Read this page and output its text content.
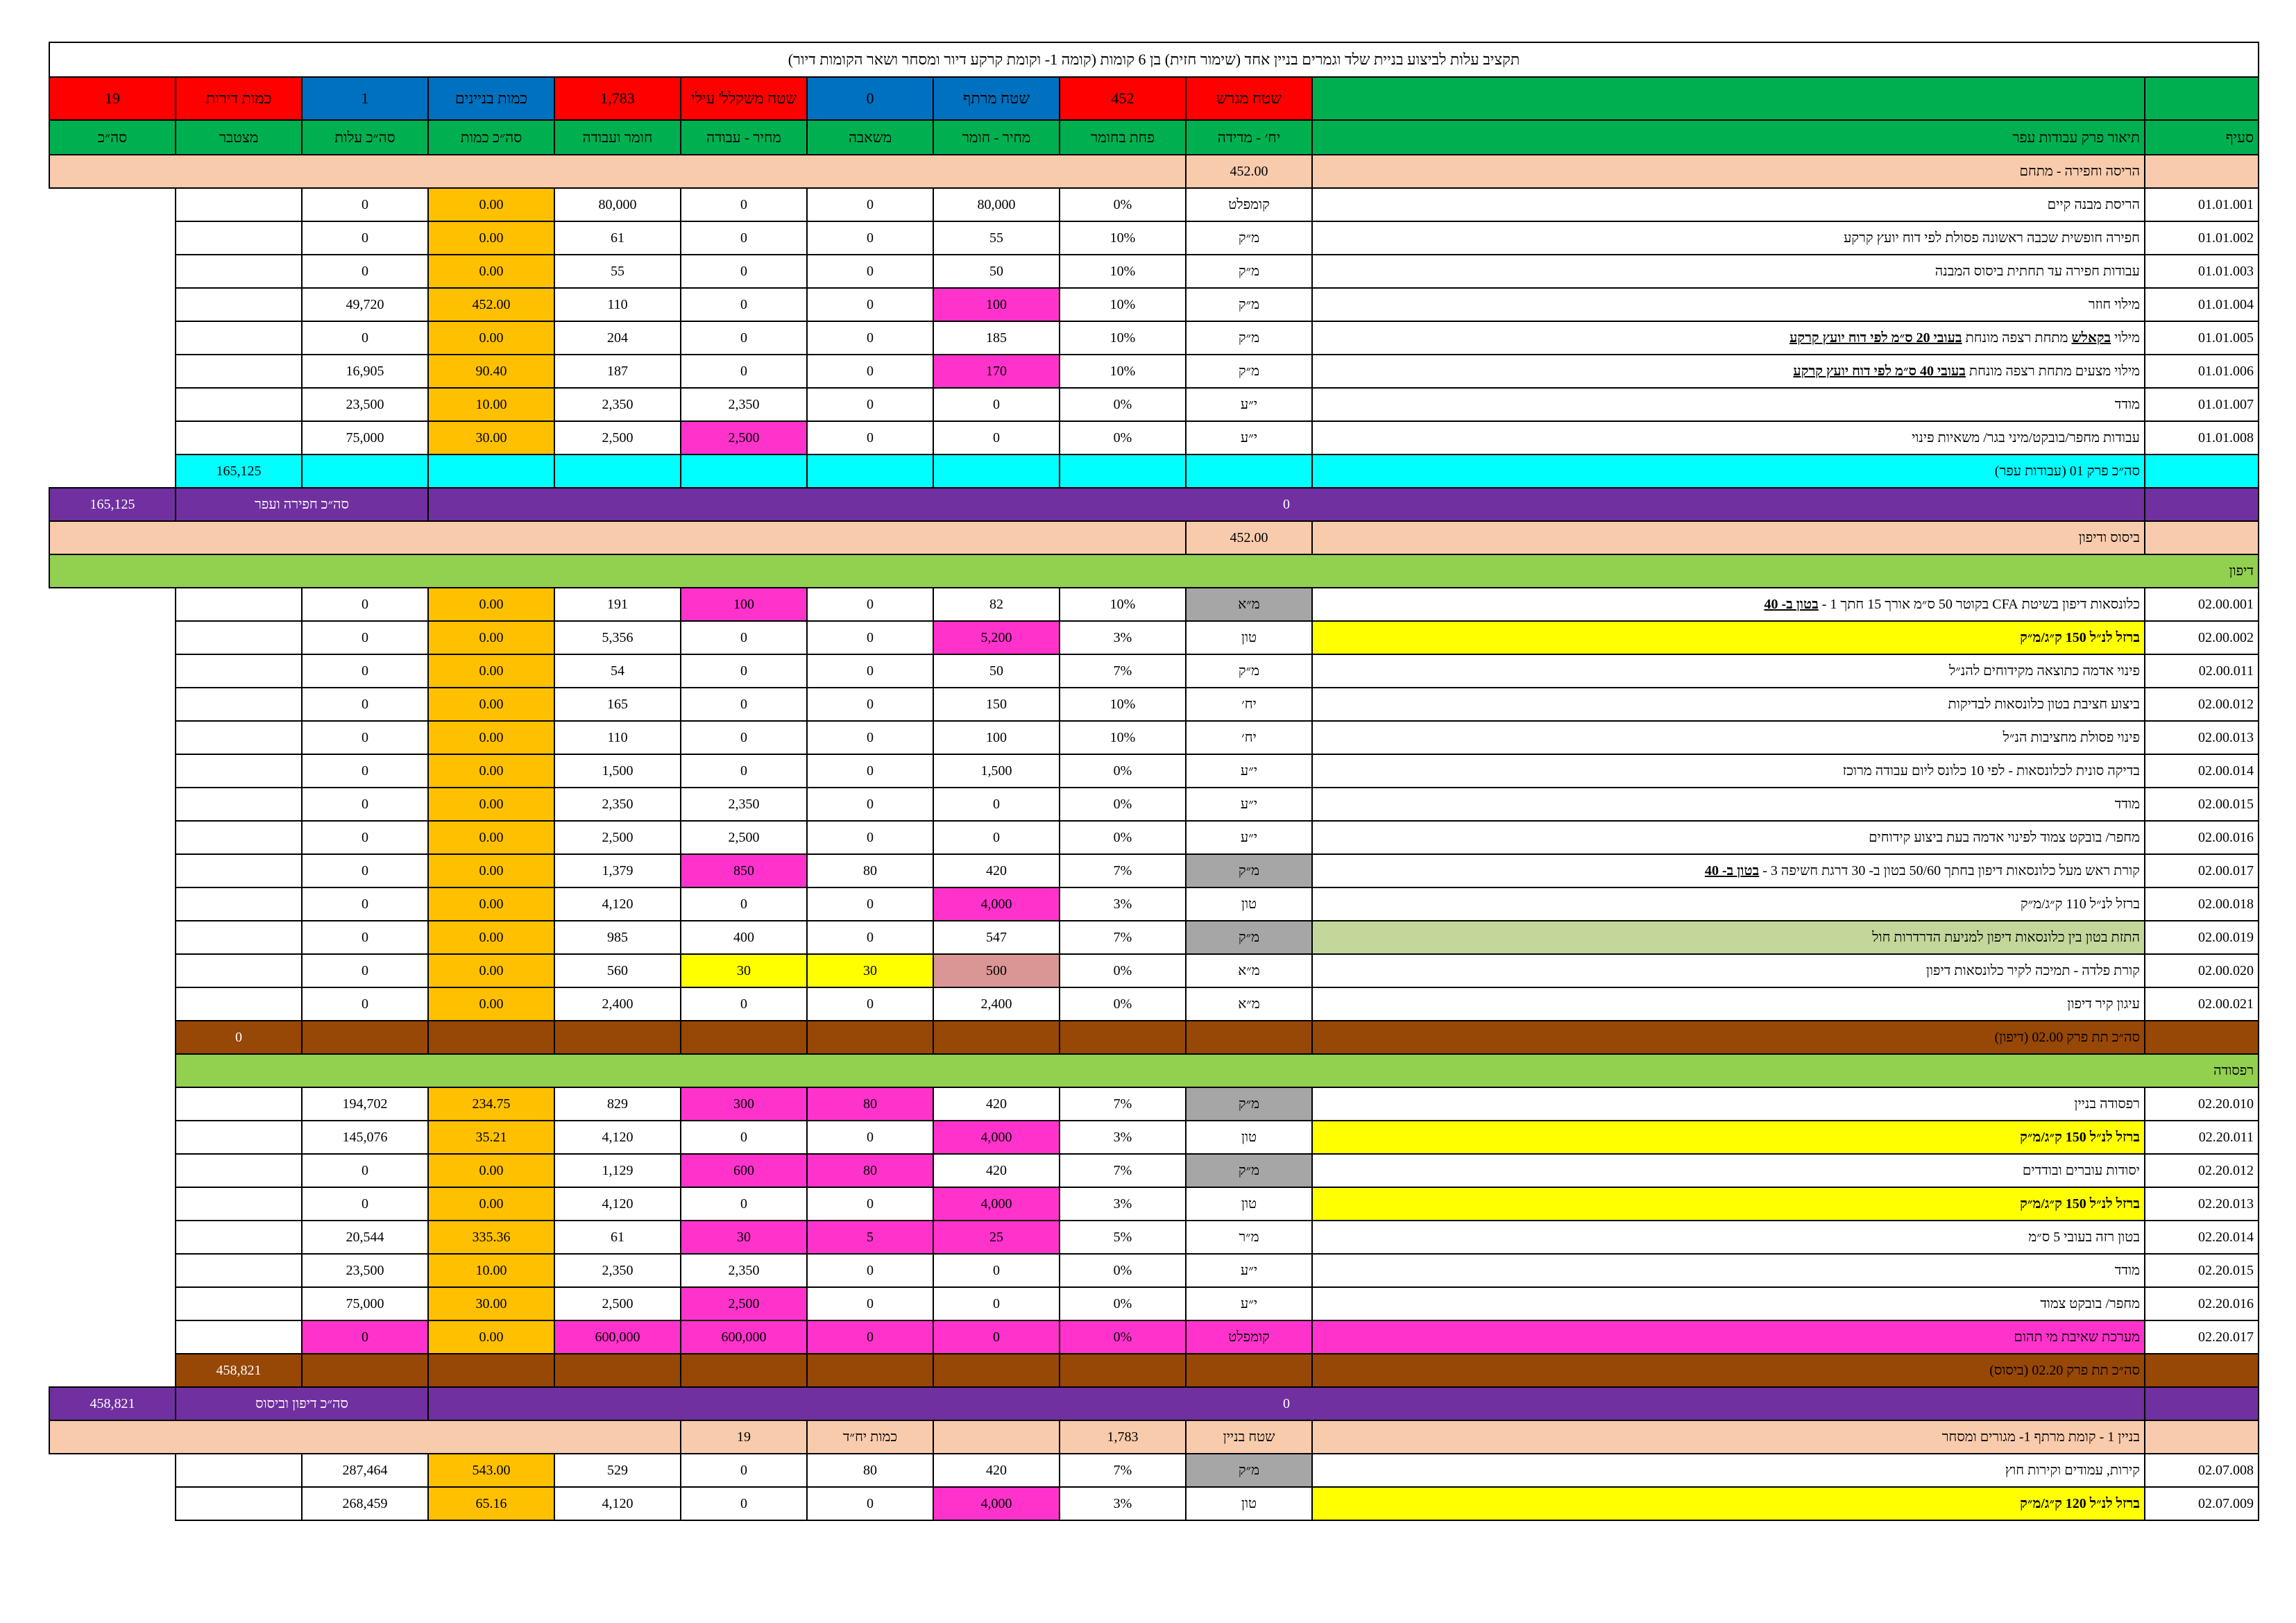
תקציב עלות לביצוע בניית שלד וגמרים בניין אחד (שימור חזית) בן 6 קומות (קומה 1- וקומת קרקע דיור ומסחר ושאר הקומות דיור)											
19	כמות דירות	1	כמות בניינים	1,783	שטח משקלל' עילי	0	שטח מרתף	452	שטח מגרש		
סה״כ	מצטבר	סה״כ עלות	סה״כ כמות	חומר ועבודה	מחיר - עבודה	משאבה	מחיר - חומר	פחת בחומר	יח׳ - מדידה	תיאור פרק עבודות עפר	סעיף
									452.00	הריסה וחפירה - מתחם	
		0	0.00	80,000	0	0	80,000	0%	קומפלט	הריסת מבנה קיים	01.01.001
		0	0.00	61	0	0	55	10%	מ״ק	חפירה חופשית שכבה ראשונה פסולת לפי דוח יועץ קרקע	01.01.002
		0	0.00	55	0	0	50	10%	מ״ק	עבודות חפירה עד תחתית ביסוס המבנה	01.01.003
		49,720	452.00	110	0	0	100	10%	מ״ק	מילוי חוזר	01.01.004
		0	0.00	204	0	0	185	10%	מ״ק	מילוי בקאלש מתחת רצפה מונחת בעובי 20 ס״מ לפי דוח יועץ קרקע	01.01.005
		16,905	90.40	187	0	0	170	10%	מ״ק	מילוי מצעים מתחת רצפה מונחת בעובי 40 ס״מ לפי דוח יועץ קרקע	01.01.006
		23,500	10.00	2,350	2,350	0	0	0%	י״ע	מודד	01.01.007
		75,000	30.00	2,500	2,500	0	0	0%	י״ע	עבודות מחפר/בובקט/מיני בגר/ משאיות פינוי	01.01.008
	165,125									סה״כ פרק 01 (עבודות עפר)	
165,125	סה״כ חפירה ועפר		0								
									452.00	ביסוס ודיפון	
דיפון											
		0	0.00	191	100	0	82	10%	מ״א	כלונסאות דיפון בשיטת CFA בקוטר 50 ס״מ אורך 15 חתך 1 - בטון ב- 40	02.00.001
		0	0.00	5,356	0	0	5,200	3%	טון	ברזל לנ״ל 150 ק״ג/מ״ק	02.00.002
		0	0.00	54	0	0	50	7%	מ״ק	פינוי אדמה כתוצאה מקידוחים להנ״ל	02.00.011
		0	0.00	165	0	0	150	10%	יח׳	ביצוע חציבת בטון כלונסאות לבדיקות	02.00.012
		0	0.00	110	0	0	100	10%	יח׳	פינוי פסולת מחציבות הנ״ל	02.00.013
		0	0.00	1,500	0	0	1,500	0%	י״ע	בדיקה סונית לכלונסאות - לפי 10 כלונס ליום עבודה מרוכז	02.00.014
		0	0.00	2,350	2,350	0	0	0%	י״ע	מודד	02.00.015
		0	0.00	2,500	2,500	0	0	0%	י״ע	מחפר/ בובקט צמוד לפינוי אדמה בעת ביצוע קידוחים	02.00.016
		0	0.00	1,379	850	80	420	7%	מ״ק	קורת ראש מעל כלונסאות דיפון בחתך 50/60 בטון ב- 30 דרגת חשיפה 3 - בטון ב- 40	02.00.017
		0	0.00	4,120	0	0	4,000	3%	טון	ברזל לנ״ל 110 ק״ג/מ״ק	02.00.018
		0	0.00	985	400	0	547	7%	מ״ק	התזת בטון בין כלונסאות דיפון למניעת הדרדרות חול	02.00.019
		0	0.00	560	30	30	500	0%	מ״א	קורת פלדה - תמיכה לקיר כלונסאות דיפון	02.00.020
		0	0.00	2,400	0	0	2,400	0%	מ״א	עיגון קיר דיפון	02.00.021
	0									סה״כ תת פרק 02.00 (דיפון)	
	רפסודה										
		194,702	234.75	829	300	80	420	7%	מ״ק	רפסודה בניין	02.20.010
		145,076	35.21	4,120	0	0	4,000	3%	טון	ברזל לנ״ל 150 ק״ג/מ״ק	02.20.011
		0	0.00	1,129	600	80	420	7%	מ״ק	יסודות עוברים ובודדים	02.20.012
		0	0.00	4,120	0	0	4,000	3%	טון	ברזל לנ״ל 150 ק״ג/מ״ק	02.20.013
		20,544	335.36	61	30	5	25	5%	מ״ר	בטון רזה בעובי 5 ס״מ	02.20.014
		23,500	10.00	2,350	2,350	0	0	0%	י״ע	מודד	02.20.015
		75,000	30.00	2,500	2,500	0	0	0%	י״ע	מחפר/ בובקט צמוד	02.20.016
		0	0.00	600,000	600,000	0	0	0%	קומפלט	מערכת שאיבת מי תהום	02.20.017
	458,821									סה״כ תת פרק 02.20 (ביסוס)	
458,821	סה״כ דיפון וביסוס		0								
					19	כמות יח״ד		1,783	שטח בניין	בניין 1 - קומת מרתף 1- מגורים ומסחר	
		287,464	543.00	529	0	80	420	7%	מ״ק	קירות, עמודים וקירות חוץ	02.07.008
		268,459	65.16	4,120	0	0	4,000	3%	טון	ברזל לנ״ל 120 ק״ג/מ״ק	02.07.009
